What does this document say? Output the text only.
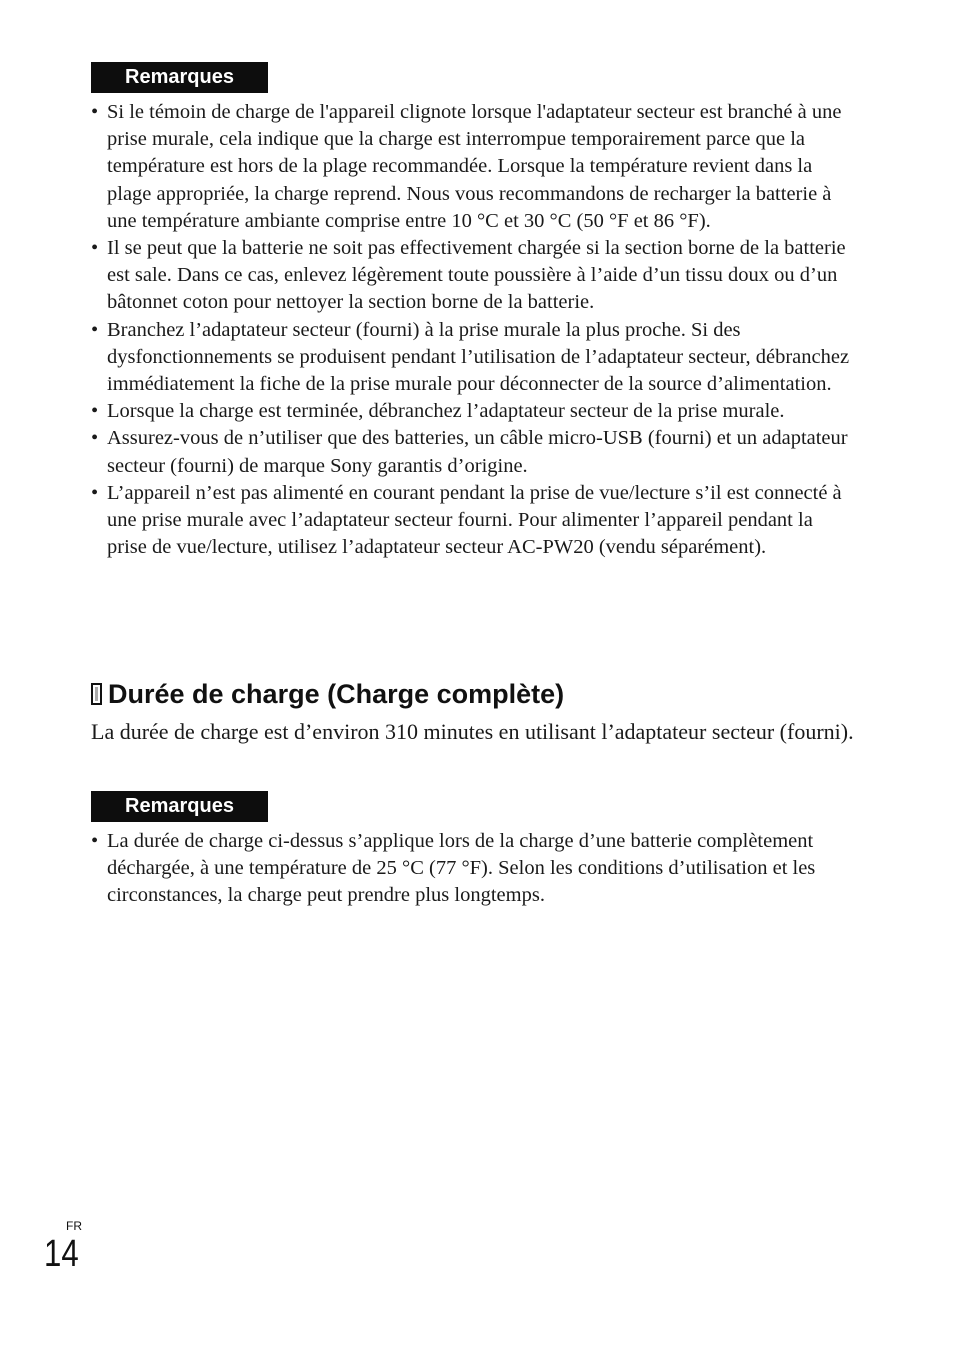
Remarques
• Si le témoin de charge de l'appareil clignote lorsque l'adaptateur secteur est branché à une prise murale, cela indique que la charge est interrompue temporairement parce que la température est hors de la plage recommandée. Lorsque la température revient dans la plage appropriée, la charge reprend. Nous vous recommandons de recharger la batterie à une température ambiante comprise entre 10 °C et 30 °C (50 °F et 86 °F).
• Il se peut que la batterie ne soit pas effectivement chargée si la section borne de la batterie est sale. Dans ce cas, enlevez légèrement toute poussière à l’aide d’un tissu doux ou d’un bâtonnet coton pour nettoyer la section borne de la batterie.
• Branchez l’adaptateur secteur (fourni) à la prise murale la plus proche. Si des dysfonctionnements se produisent pendant l’utilisation de l’adaptateur secteur, débranchez immédiatement la fiche de la prise murale pour déconnecter de la source d’alimentation.
• Lorsque la charge est terminée, débranchez l’adaptateur secteur de la prise murale.
• Assurez-vous de n’utiliser que des batteries, un câble micro-USB (fourni) et un adaptateur secteur (fourni) de marque Sony garantis d’origine.
• L’appareil n’est pas alimenté en courant pendant la prise de vue/lecture s’il est connecté à une prise murale avec l’adaptateur secteur fourni. Pour alimenter l’appareil pendant la prise de vue/lecture, utilisez l’adaptateur secteur AC-PW20 (vendu séparément).
Durée de charge (Charge complète)

La durée de charge est d’environ 310 minutes en utilisant l’adaptateur secteur (fourni).

Remarques
• La durée de charge ci-dessus s’applique lors de la charge d’une batterie complètement déchargée, à une température de 25 °C (77 °F). Selon les conditions d’utilisation et les circonstances, la charge peut prendre plus longtemps.
FR
14
